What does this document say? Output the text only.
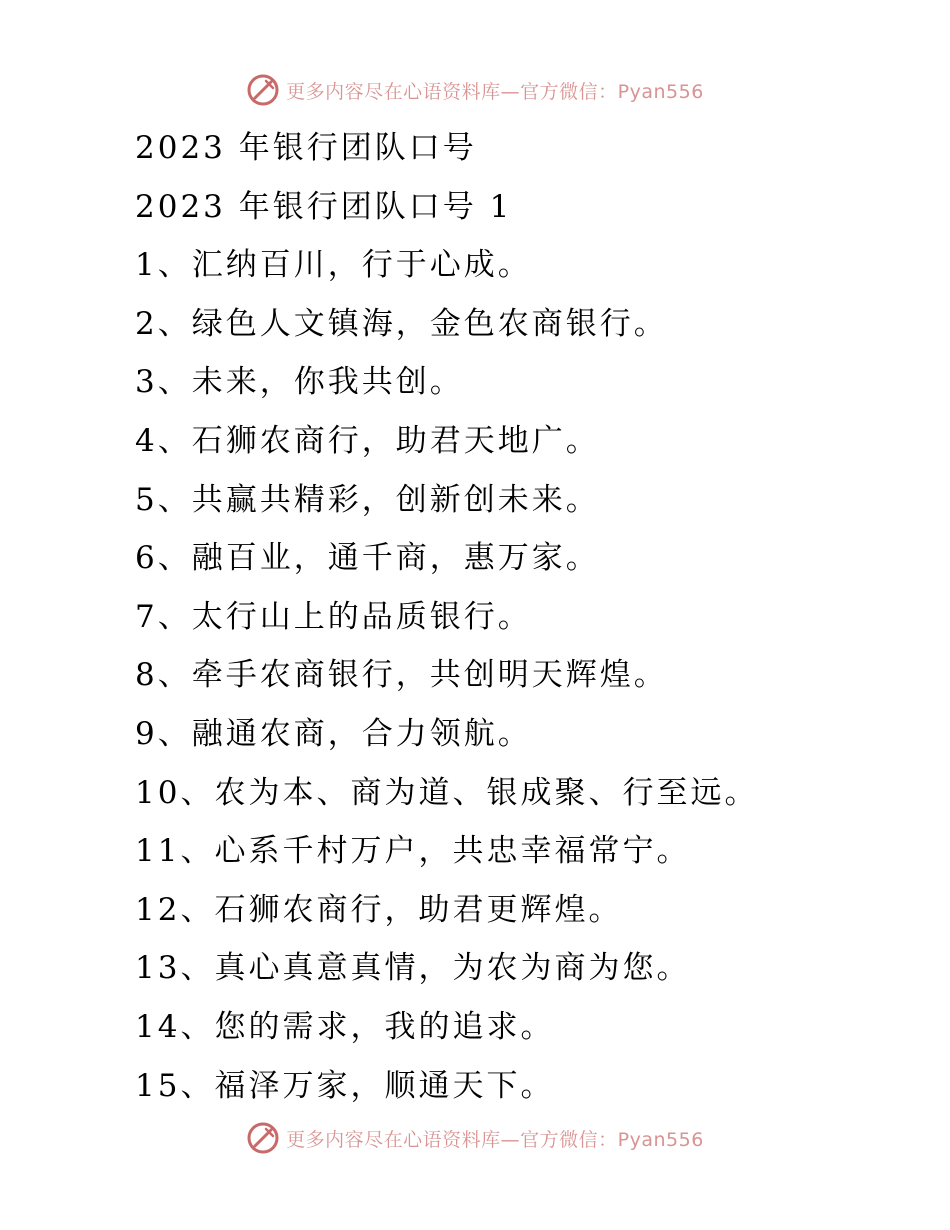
更多内容尽在心语资料库—官方微信：Pyan556
2023 年银行团队口号
2023 年银行团队口号 1
1、汇纳百川，行于心成。
2、绿色人文镇海，金色农商银行。
3、未来，你我共创。
4、石狮农商行，助君天地广。
5、共赢共精彩，创新创未来。
6、融百业，通千商，惠万家。
7、太行山上的品质银行。
8、牵手农商银行，共创明天辉煌。
9、融通农商，合力领航。
10、农为本、商为道、银成聚、行至远。
11、心系千村万户，共忠幸福常宁。
12、石狮农商行，助君更辉煌。
13、真心真意真情，为农为商为您。
14、您的需求，我的追求。
15、福泽万家，顺通天下。
更多内容尽在心语资料库—官方微信：Pyan556
